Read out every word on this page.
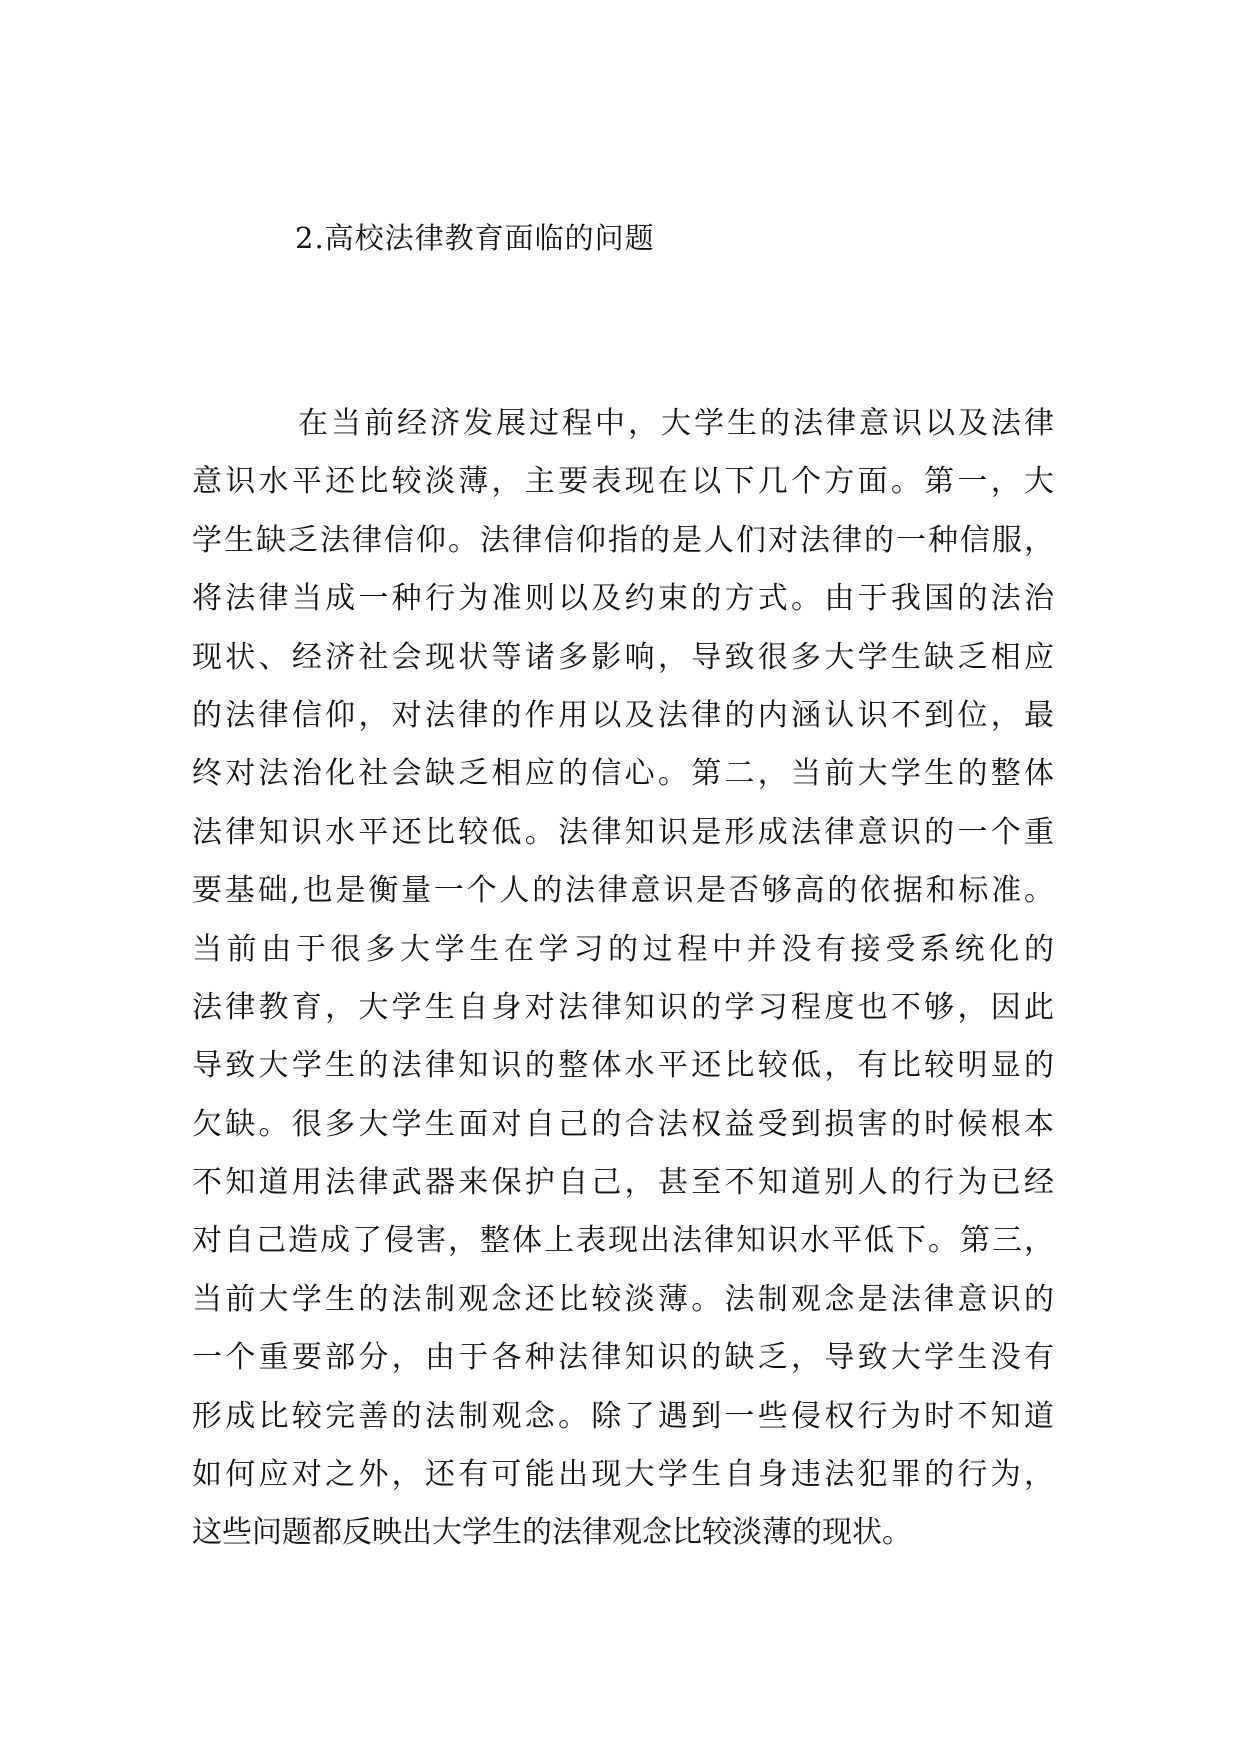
2.高校法律教育面临的问题
在当前经济发展过程中，大学生的法律意识以及法律
意识水平还比较淡薄，主要表现在以下几个方面。第一，大
学生缺乏法律信仰。法律信仰指的是人们对法律的一种信服，
将法律当成一种行为准则以及约束的方式。由于我国的法治
现状、经济社会现状等诸多影响，导致很多大学生缺乏相应
的法律信仰，对法律的作用以及法律的内涵认识不到位，最
终对法治化社会缺乏相应的信心。第二，当前大学生的整体
法律知识水平还比较低。法律知识是形成法律意识的一个重
要基础,也是衡量一个人的法律意识是否够高的依据和标准。
当前由于很多大学生在学习的过程中并没有接受系统化的
法律教育，大学生自身对法律知识的学习程度也不够，因此
导致大学生的法律知识的整体水平还比较低，有比较明显的
欠缺。很多大学生面对自己的合法权益受到损害的时候根本
不知道用法律武器来保护自己，甚至不知道别人的行为已经
对自己造成了侵害，整体上表现出法律知识水平低下。第三，
当前大学生的法制观念还比较淡薄。法制观念是法律意识的
一个重要部分，由于各种法律知识的缺乏，导致大学生没有
形成比较完善的法制观念。除了遇到一些侵权行为时不知道
如何应对之外，还有可能出现大学生自身违法犯罪的行为，
这些问题都反映出大学生的法律观念比较淡薄的现状。
